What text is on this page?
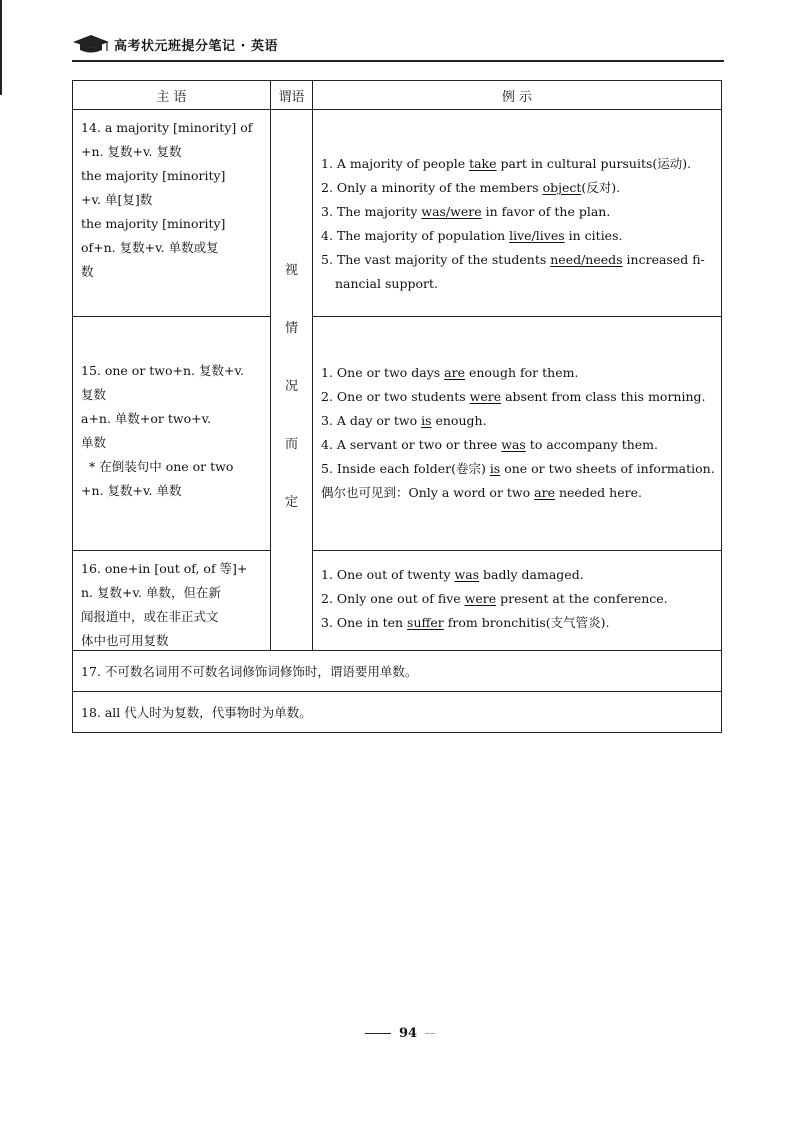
高考状元班提分笔记 · 英语
主 语	谓语	例 示
14. a majority [minority] of
+n. 复数+v. 复数
the majority [minority]
+v. 单[复]数
the majority [minority]
of+n. 复数+v. 单数或复
数
15. one or two+n. 复数+v.
复数
a+n. 单数+or two+v.
单数
* 在倒装句中 one or two
+n. 复数+v. 单数
16. one+in [out of, of 等]+
n. 复数+v. 单数，但在新
闻报道中，或在非正式文
体中也可用复数
视
情
况
而
定
1. A majority of people take part in cultural pursuits(运动).
2. Only a minority of the members object(反对).
3. The majority was/were in favor of the plan.
4. The majority of population live/lives in cities.
5. The vast majority of the students need/needs increased fi-
nancial support.
1. One or two days are enough for them.
2. One or two students were absent from class this morning.
3. A day or two is enough.
4. A servant or two or three was to accompany them.
5. Inside each folder(卷宗) is one or two sheets of information.
偶尔也可见到：Only a word or two are needed here.
1. One out of twenty was badly damaged.
2. Only one out of five were present at the conference.
3. One in ten suffer from bronchitis(支气管炎).
17. 不可数名词用不可数名词修饰词修饰时，谓语要用单数。
18. all 代人时为复数，代事物时为单数。
94
